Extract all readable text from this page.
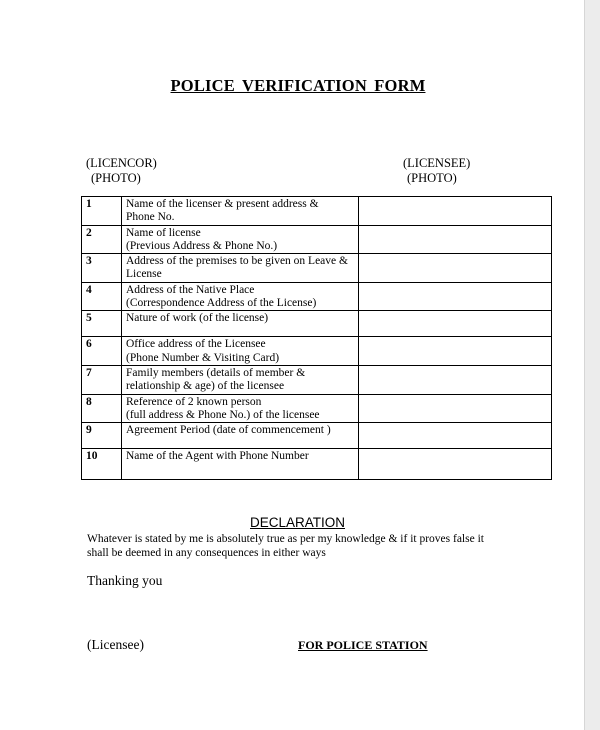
POLICE VERIFICATION FORM
(LICENCOR)
(PHOTO)
(LICENSEE)
(PHOTO)
1	Name of the licenser & present address &
Phone No.	

2	Name of license
(Previous Address & Phone No.)	

3	Address of the premises to be given on Leave &
License	

4	Address of the Native Place
(Correspondence Address of the License)	

5	Nature of work (of the license)	

6	Office address of the Licensee
(Phone Number & Visiting Card)	

7	Family members (details of member &
relationship & age) of the licensee	

8	Reference of 2 known person
(full address & Phone No.) of the licensee	

9	Agreement Period (date of commencement )	

10	Name of the Agent with Phone Number	

DECLARATION
Whatever is stated by me is absolutely true as per my knowledge & if it proves false it
shall be deemed in any consequences in either ways
Thanking you
(Licensee)	FOR POLICE STATION
